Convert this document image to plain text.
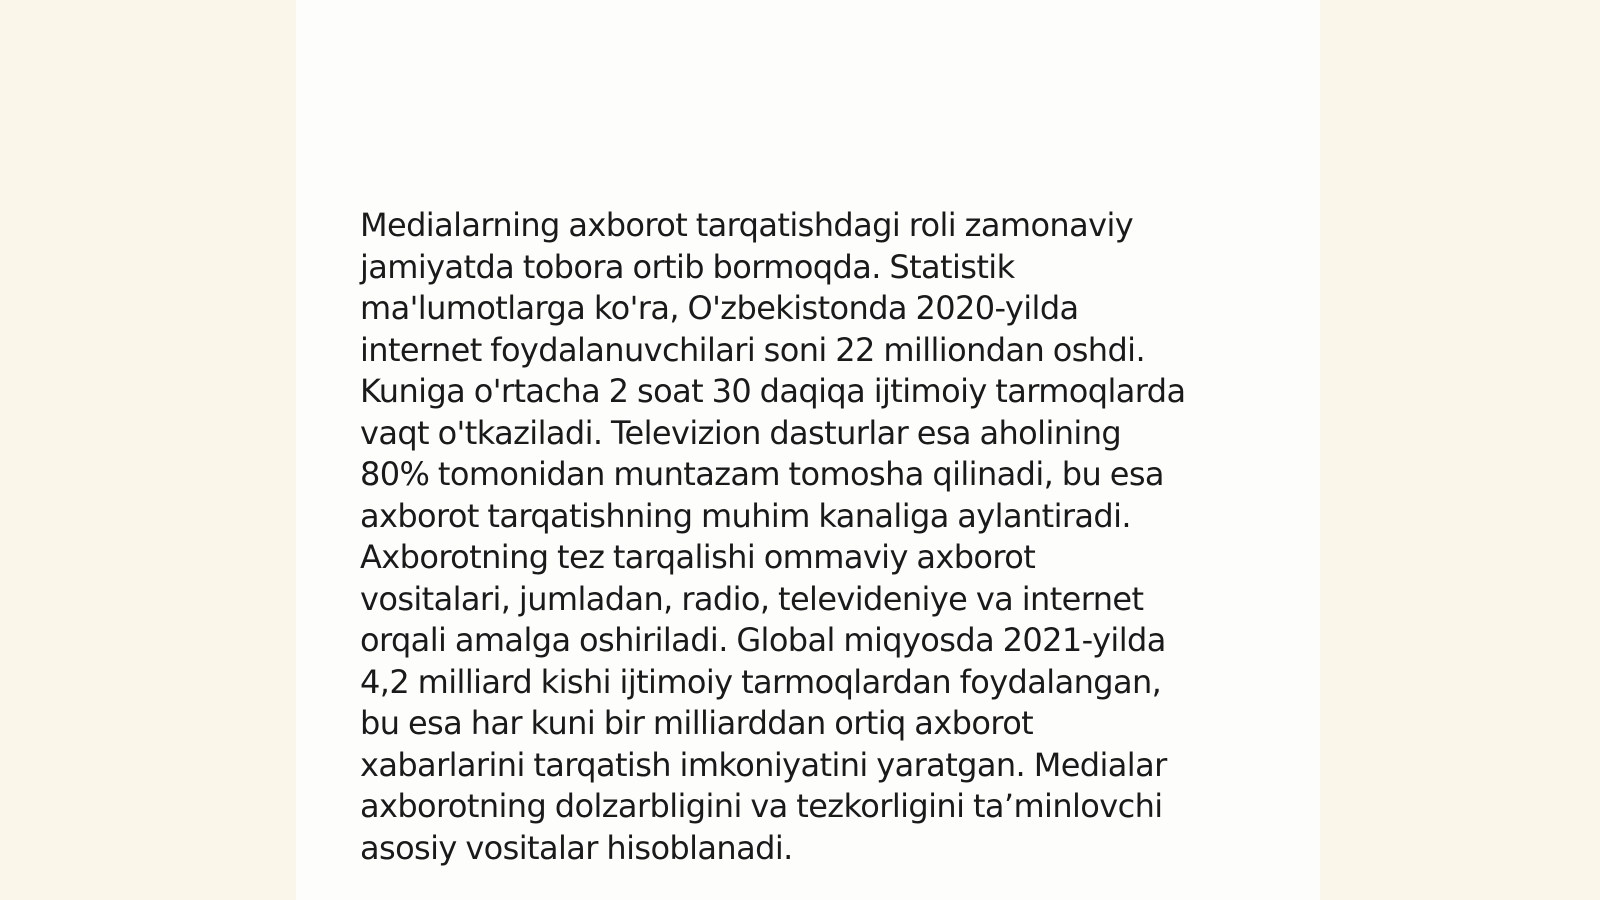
Medialarning axborot tarqatishdagi roli zamonaviy
jamiyatda tobora ortib bormoqda. Statistik
ma'lumotlarga ko'ra, O'zbekistonda 2020-yilda
internet foydalanuvchilari soni 22 milliondan oshdi.
Kuniga o'rtacha 2 soat 30 daqiqa ijtimoiy tarmoqlarda
vaqt o'tkaziladi. Televizion dasturlar esa aholining
80% tomonidan muntazam tomosha qilinadi, bu esa
axborot tarqatishning muhim kanaliga aylantiradi.
Axborotning tez tarqalishi ommaviy axborot
vositalari, jumladan, radio, televideniye va internet
orqali amalga oshiriladi. Global miqyosda 2021-yilda
4,2 milliard kishi ijtimoiy tarmoqlardan foydalangan,
bu esa har kuni bir milliarddan ortiq axborot
xabarlarini tarqatish imkoniyatini yaratgan. Medialar
axborotning dolzarbligini va tezkorligini ta’minlovchi
asosiy vositalar hisoblanadi.
